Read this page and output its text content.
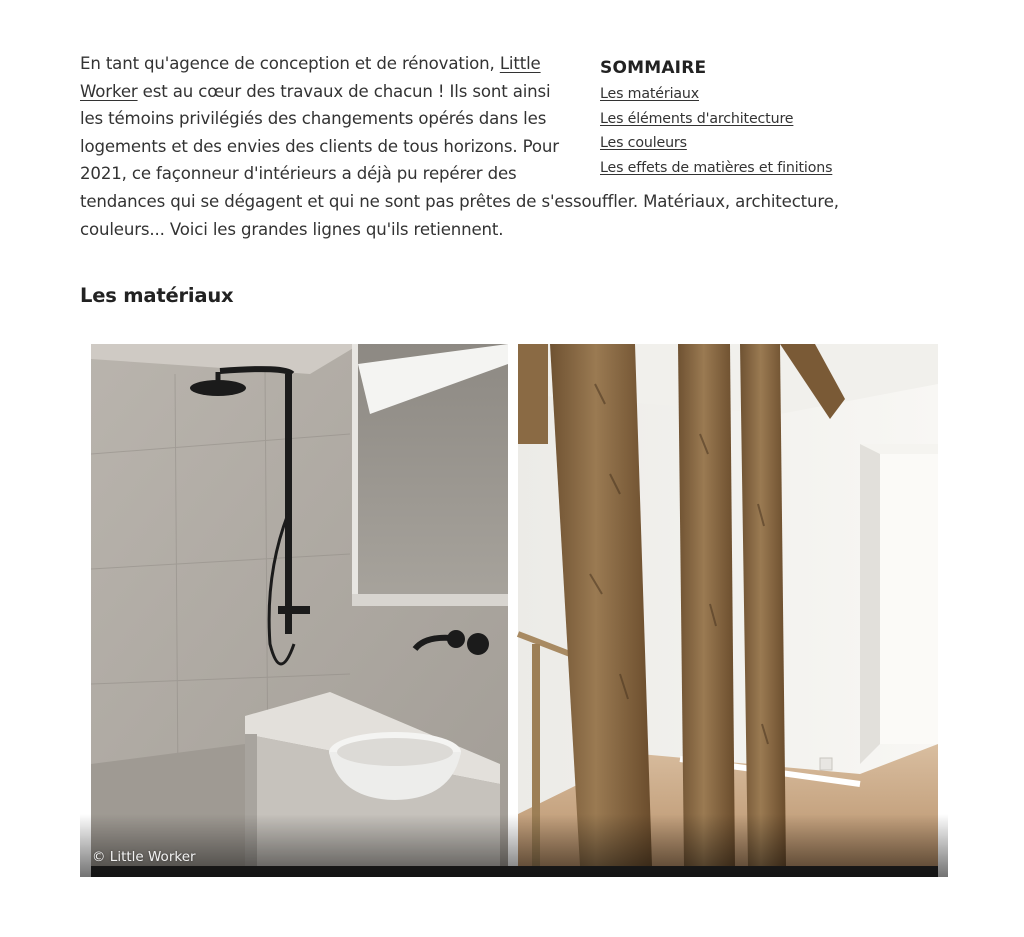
SOMMAIRE
Les matériaux
Les éléments d'architecture
Les couleurs
Les effets de matières et finitions

En tant qu'agence de conception et de rénovation, Little Worker est au cœur des travaux de chacun ! Ils sont ainsi les témoins privilégiés des changements opérés dans les logements et des envies des clients de tous horizons. Pour 2021, ce façonneur d'intérieurs a déjà pu repérer des tendances qui se dégagent et qui ne sont pas prêtes de s'essouffler. Matériaux, architecture, couleurs... Voici les grandes lignes qu'ils retiennent.

Les matériaux
© Little Worker
